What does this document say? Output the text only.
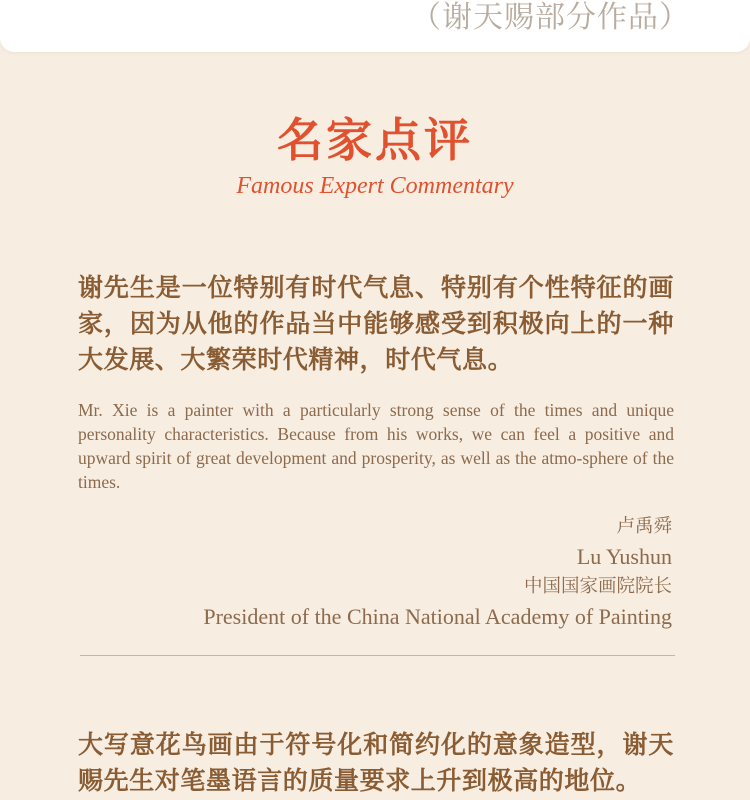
（谢天赐部分作品）
名家点评
Famous Expert Commentary

谢先生是一位特别有时代气息、特别有个性特征的画家，因为从他的作品当中能够感受到积极向上的一种大发展、大繁荣时代精神，时代气息。

Mr. Xie is a painter with a particularly strong sense of the times and unique personality characteristics. Because from his works, we can feel a positive and upward spirit of great development and prosperity, as well as the atmo-sphere of the times.

卢禹舜
Lu Yushun
中国国家画院院长
President of the China National Academy of Painting

大写意花鸟画由于符号化和简约化的意象造型，谢天赐先生对笔墨语言的质量要求上升到极高的地位。
